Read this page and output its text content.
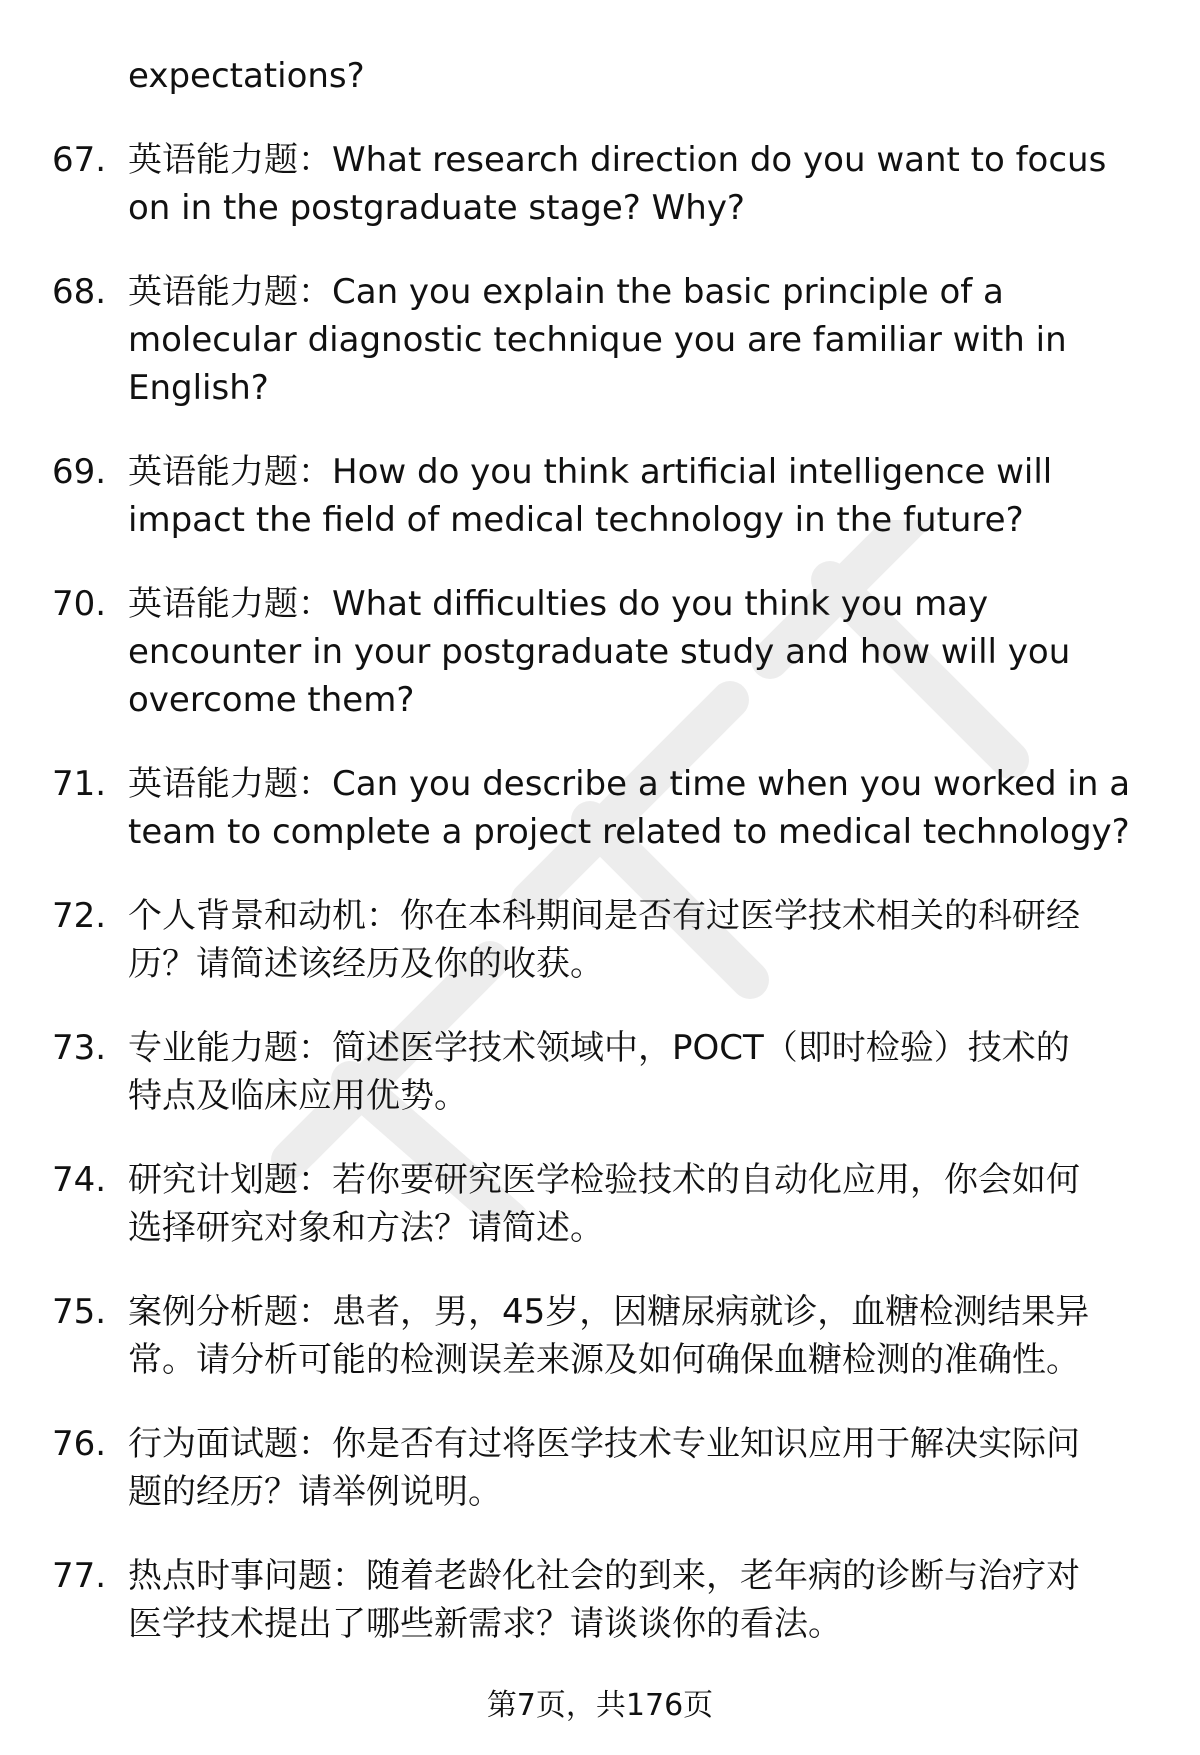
expectations?
67. 英语能力题：What research direction do you want to focus
on in the postgraduate stage? Why?
68. 英语能力题：Can you explain the basic principle of a
molecular diagnostic technique you are familiar with in
English?
69. 英语能力题：How do you think artificial intelligence will
impact the field of medical technology in the future?
70. 英语能力题：What difficulties do you think you may
encounter in your postgraduate study and how will you
overcome them?
71. 英语能力题：Can you describe a time when you worked in a
team to complete a project related to medical technology?
72. 个人背景和动机：你在本科期间是否有过医学技术相关的科研经
历？请简述该经历及你的收获。
73. 专业能力题：简述医学技术领域中，POCT（即时检验）技术的
特点及临床应用优势。
74. 研究计划题：若你要研究医学检验技术的自动化应用，你会如何
选择研究对象和方法？请简述。
75. 案例分析题：患者，男，45岁，因糖尿病就诊，血糖检测结果异
常。请分析可能的检测误差来源及如何确保血糖检测的准确性。
76. 行为面试题：你是否有过将医学技术专业知识应用于解决实际问
题的经历？请举例说明。
77. 热点时事问题：随着老龄化社会的到来，老年病的诊断与治疗对
医学技术提出了哪些新需求？请谈谈你的看法。
第7页，共176页
